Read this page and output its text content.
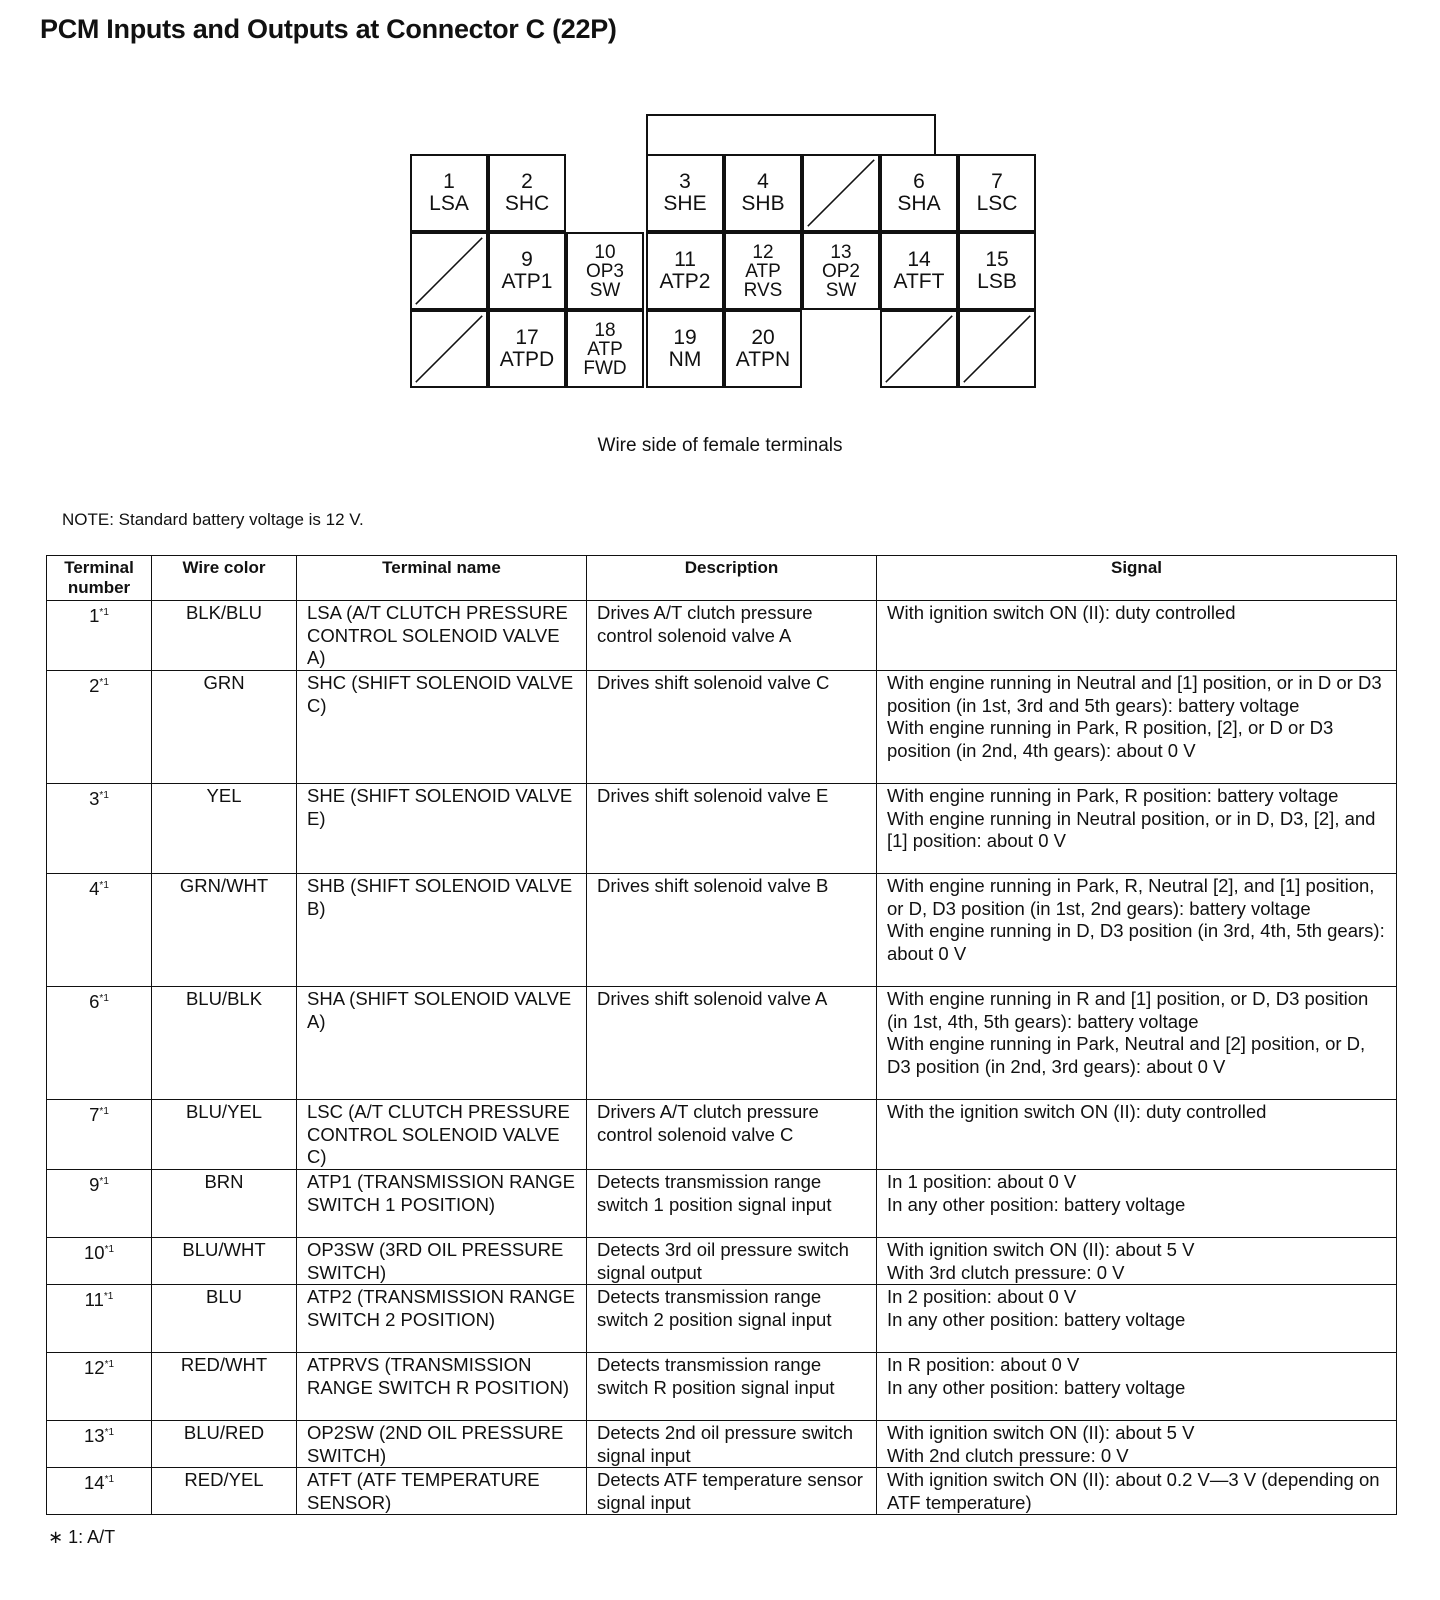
PCM Inputs and Outputs at Connector C (22P)
1
LSA
2
SHC
3
SHE
4
SHB
6
SHA
7
LSC
9
ATP1
10
OP3
SW
11
ATP2
12
ATP
RVS
13
OP2
SW
14
ATFT
15
LSB
17
ATPD
18
ATP
FWD
19
NM
20
ATPN
Wire side of female terminals
NOTE: Standard battery voltage is 12 V.
Terminal number	Wire color	Terminal name	Description	Signal
1$^{*1}$	BLK/BLU	LSA (A/T CLUTCH PRESSURE CONTROL SOLENOID VALVE A)	Drives A/T clutch pressure control solenoid valve A	With ignition switch ON (II): duty controlled

2$^{*1}$	GRN	SHC (SHIFT SOLENOID VALVE C)	Drives shift solenoid valve C	With engine running in Neutral and [1] position, or in D or D3 position (in 1st, 3rd and 5th gears): battery voltage
With engine running in Park, R position, [2], or D or D3 position (in 2nd, 4th gears): about 0 V

3$^{*1}$	YEL	SHE (SHIFT SOLENOID VALVE E)	Drives shift solenoid valve E	With engine running in Park, R position: battery voltage
With engine running in Neutral position, or in D, D3, [2], and [1] position: about 0 V

4$^{*1}$	GRN/WHT	SHB (SHIFT SOLENOID VALVE B)	Drives shift solenoid valve B	With engine running in Park, R, Neutral [2], and [1] position, or D, D3 position (in 1st, 2nd gears): battery voltage
With engine running in D, D3 position (in 3rd, 4th, 5th gears): about 0 V

6$^{*1}$	BLU/BLK	SHA (SHIFT SOLENOID VALVE A)	Drives shift solenoid valve A	With engine running in R and [1] position, or D, D3 position (in 1st, 4th, 5th gears): battery voltage
With engine running in Park, Neutral and [2] position, or D, D3 position (in 2nd, 3rd gears): about 0 V

7$^{*1}$	BLU/YEL	LSC (A/T CLUTCH PRESSURE CONTROL SOLENOID VALVE C)	Drivers A/T clutch pressure control solenoid valve C	With the ignition switch ON (II): duty controlled

9$^{*1}$	BRN	ATP1 (TRANSMISSION RANGE SWITCH 1 POSITION)	Detects transmission range switch 1 position signal input	In 1 position: about 0 V
In any other position: battery voltage

10$^{*1}$	BLU/WHT	OP3SW (3RD OIL PRESSURE SWITCH)	Detects 3rd oil pressure switch signal output	With ignition switch ON (II): about 5 V
With 3rd clutch pressure: 0 V

11$^{*1}$	BLU	ATP2 (TRANSMISSION RANGE SWITCH 2 POSITION)	Detects transmission range switch 2 position signal input	In 2 position: about 0 V
In any other position: battery voltage

12$^{*1}$	RED/WHT	ATPRVS (TRANSMISSION RANGE SWITCH R POSITION)	Detects transmission range switch R position signal input	In R position: about 0 V
In any other position: battery voltage

13$^{*1}$	BLU/RED	OP2SW (2ND OIL PRESSURE SWITCH)	Detects 2nd oil pressure switch signal input	With ignition switch ON (II): about 5 V
With 2nd clutch pressure: 0 V

14$^{*1}$	RED/YEL	ATFT (ATF TEMPERATURE SENSOR)	Detects ATF temperature sensor signal input	With ignition switch ON (II): about 0.2 V—3 V (depending on ATF temperature)
∗ 1: A/T
